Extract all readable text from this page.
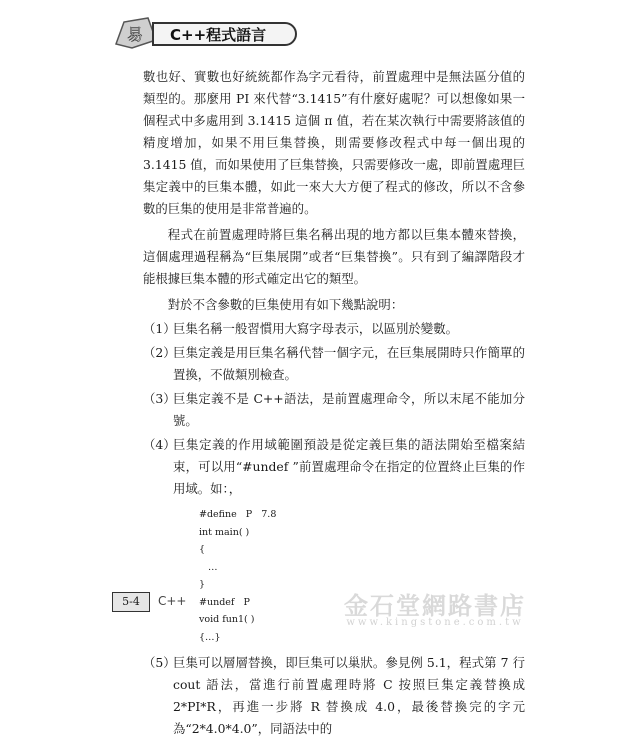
易 C++程式語言

數也好、實數也好統統都作為字元看待，前置處理中是無法區分值的類型的。那麼用 PI 來代替“3.1415”有什麼好處呢？可以想像如果一個程式中多處用到 3.1415 這個 π 值，若在某次執行中需要將該值的精度增加，如果不用巨集替換，則需要修改程式中每一個出現的 3.1415 值，而如果使用了巨集替換，只需要修改一處，即前置處理巨集定義中的巨集本體，如此一來大大方便了程式的修改，所以不含參數的巨集的使用是非常普遍的。

程式在前置處理時將巨集名稱出現的地方都以巨集本體來替換，這個處理過程稱為“巨集展開”或者“巨集替換”。只有到了編譯階段才能根據巨集本體的形式確定出它的類型。

對於不含參數的巨集使用有如下幾點說明：

（1）
巨集名稱一般習慣用大寫字母表示，以區別於變數。
（2）
巨集定義是用巨集名稱代替一個字元，在巨集展開時只作簡單的置換，不做類別檢查。
（3）
巨集定義不是 C++語法，是前置處理命令，所以末尾不能加分號。
（4）
巨集定義的作用域範圍預設是從定義巨集的語法開始至檔案結束，可以用“#undef ”前置處理命令在指定的位置終止巨集的作用域。如：，
#define   P   7.8
int main( )
{
…
}
#undef   P
void fun1( )
{…}
（5）
巨集可以層層替換，即巨集可以巢狀。參見例 5.1，程式第 7 行 cout 語法，當進行前置處理時將 C 按照巨集定義替換成 2*PI*R，再進一步將 R 替換成 4.0，最後替換完的字元為“2*4.0*4.0”，同語法中的
5-4	C++	金石堂網路書店
www.kingstone.com.tw
